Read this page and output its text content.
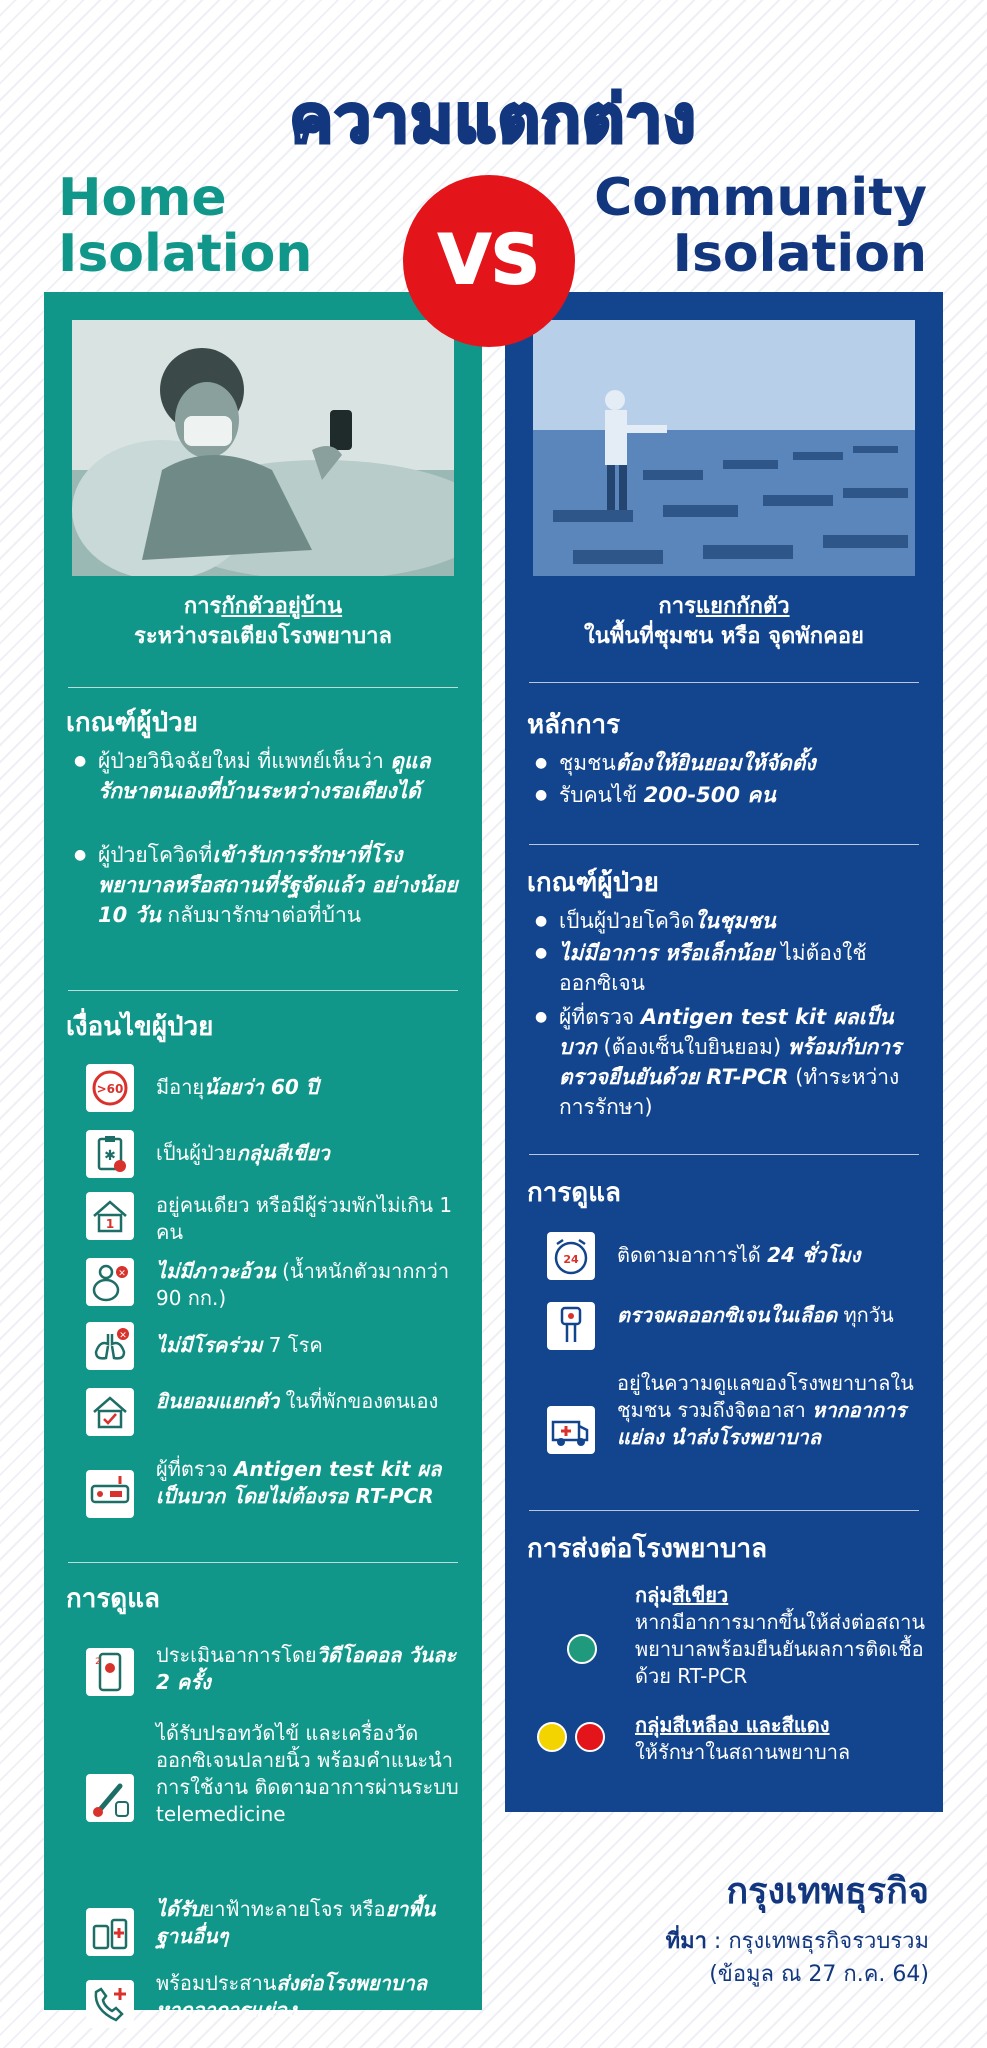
ความแตกต่าง
Home
Isolation
Community
Isolation
การกักตัวอยู่บ้าน
ระหว่างรอเตียงโรงพยาบาล
เกณฑ์ผู้ป่วย
● ผู้ป่วยวินิจฉัยใหม่ ที่แพทย์เห็นว่า ดูแลรักษาตนเองที่บ้านระหว่างรอเตียงได้
● ผู้ป่วยโควิดที่เข้ารับการรักษาที่โรงพยาบาลหรือสถานที่รัฐจัดแล้ว อย่างน้อย 10 วัน กลับมารักษาต่อที่บ้าน
เงื่อนไขผู้ป่วย
>60 มีอายุน้อยว่า 60 ปี
✱ เป็นผู้ป่วยกลุ่มสีเขียว
1
อยู่คนเดียว หรือมีผู้ร่วมพักไม่เกิน 1 คน
✕ ไม่มีภาวะอ้วน (น้ำหนักตัวมากกว่า 90 กก.)
✕ ไม่มีโรคร่วม 7 โรค
ยินยอมแยกตัว ในที่พักของตนเอง
ผู้ที่ตรวจ Antigen test kit ผลเป็นบวก โดยไม่ต้องรอ RT-PCR
การดูแล
2	ประเมินอาการโดยวิดีโอคอล วันละ 2 ครั้ง
ได้รับปรอทวัดไข้ และเครื่องวัดออกซิเจนปลายนิ้ว พร้อมคำแนะนำการใช้งาน ติดตามอาการผ่านระบบ telemedicine
ได้รับยาฟ้าทะลายโจร หรือยาพื้นฐานอื่นๆ
พร้อมประสานส่งต่อโรงพยาบาล หากอาการแย่ลง
การแยกกักตัว
ในพื้นที่ชุมชน หรือ จุดพักคอย
หลักการ
● ชุมชนต้องให้ยินยอมให้จัดตั้ง
● รับคนไข้ 200-500 คน
เกณฑ์ผู้ป่วย
● เป็นผู้ป่วยโควิดในชุมชน
● ไม่มีอาการ หรือเล็กน้อย ไม่ต้องใช้ออกซิเจน
● ผู้ที่ตรวจ Antigen test kit ผลเป็นบวก (ต้องเซ็นใบยินยอม) พร้อมกับการตรวจยืนยันด้วย RT-PCR (ทำระหว่างการรักษา)
การดูแล
24 ติดตามอาการได้ 24 ชั่วโมง
ตรวจผลออกซิเจนในเลือด ทุกวัน
อยู่ในความดูแลของโรงพยาบาลในชุมชน รวมถึงจิตอาสา หากอาการแย่ลง นำส่งโรงพยาบาล
การส่งต่อโรงพยาบาล
กลุ่มสีเขียว
หากมีอาการมากขึ้นให้ส่งต่อสถานพยาบาลพร้อมยืนยันผลการติดเชื้อด้วย RT-PCR
กลุ่มสีเหลือง และสีแดง
ให้รักษาในสถานพยาบาล
VS
กรุงเทพธุรกิจ
ที่มา : กรุงเทพธุรกิจรวบรวม
(ข้อมูล ณ 27 ก.ค. 64)
